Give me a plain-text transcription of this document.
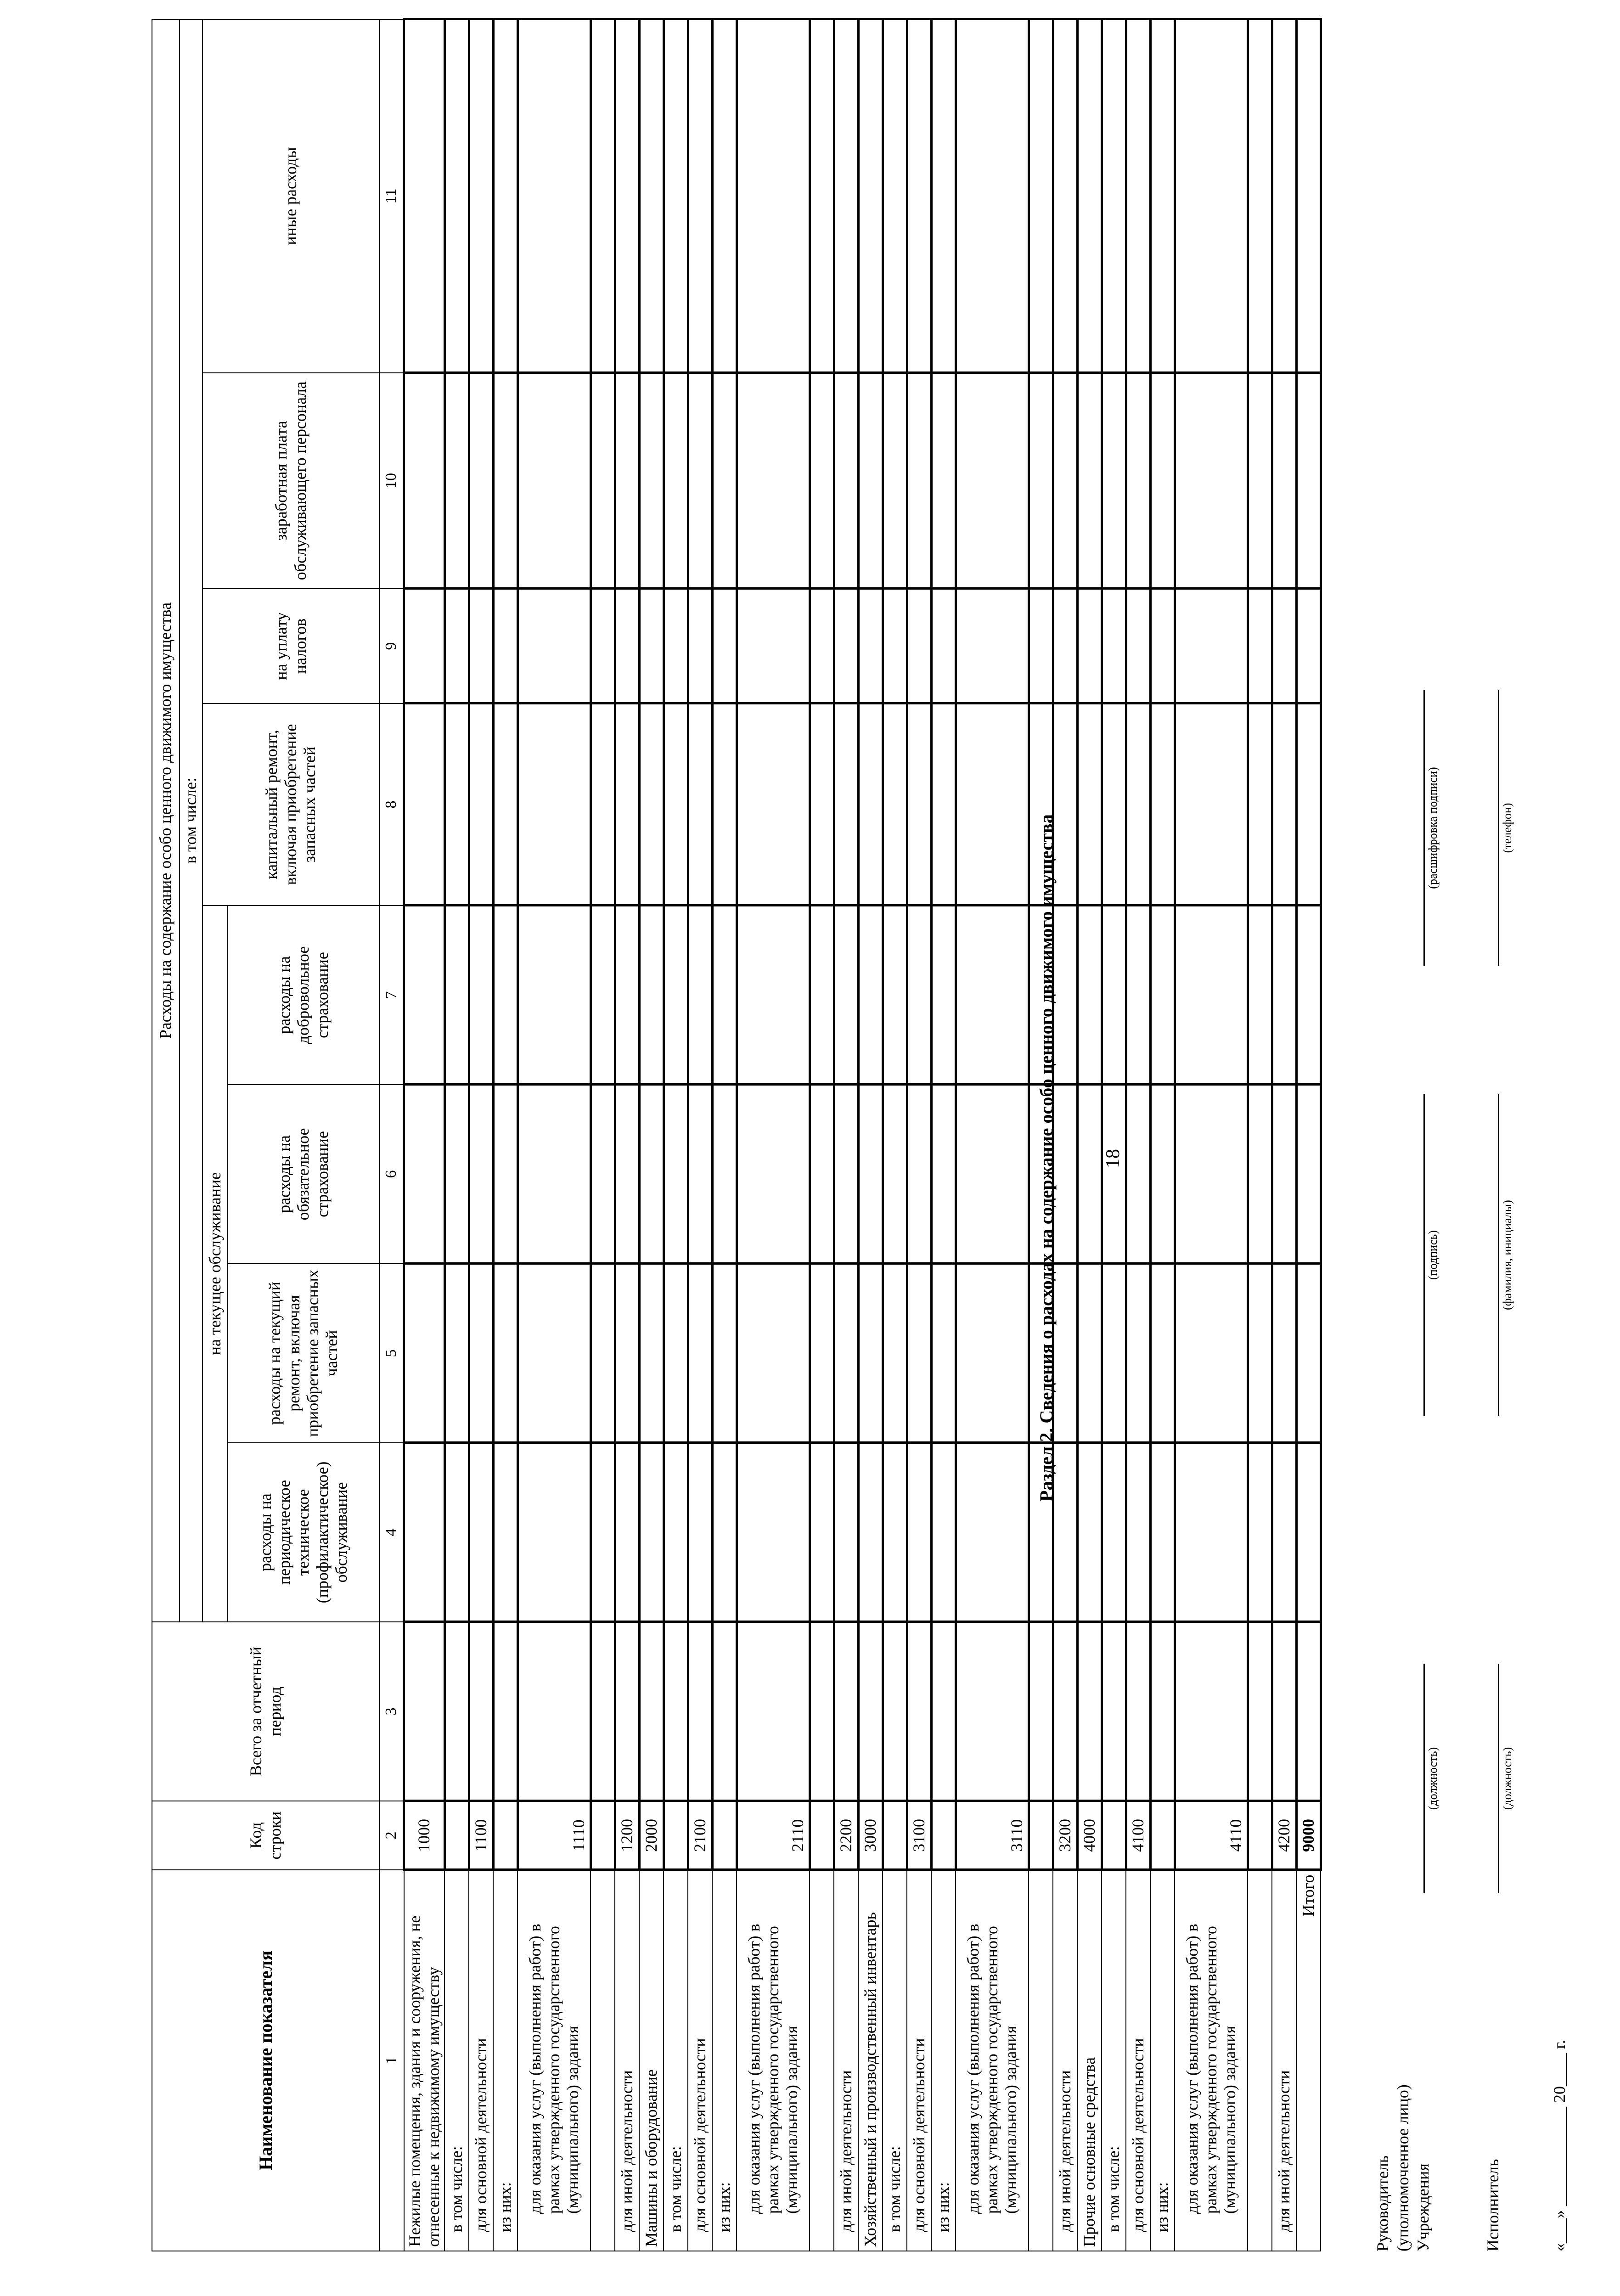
18
Раздел 2. Сведения о расходах на содержание особо ценного движимого имущества
Наименование показателя	Код строки	Всего за отчетный период	Расходы на содержание особо ценного движимого имущества							
			в том числе:							
			на текущее обслуживание				капитальный ремонт, включая приобретение запасных частей	на уплату налогов	заработная плата обслуживающего персонала	иные расходы
			расходы на периодическое техническое (профилактическое) обслуживание	расходы на текущий ремонт, включая приобретение запасных частей	расходы на обязательное страхование	расходы на добровольное страхование				
1	2	3	4	5	6	7	8	9	10	11
Нежилые помещения, здания и сооружения, не отнесенные к недвижимому имуществу	1000									
в том числе:										
для основной деятельности	1100									
из них:										
для оказания услуг (выполнения работ) в рамках утвержденного государственного (муниципального) задания	1110									

для иной деятельности	1200									
Машины и оборудование	2000									
в том числе:										
для основной деятельности	2100									
из них:										
для оказания услуг (выполнения работ) в рамках утвержденного государственного (муниципального) задания	2110									

для иной деятельности	2200									
Хозяйственный и производственный инвентарь	3000									
в том числе:										
для основной деятельности	3100									
из них:										
для оказания услуг (выполнения работ) в рамках утвержденного государственного (муниципального) задания	3110									

для иной деятельности	3200									
Прочие основные средства	4000									
в том числе:										
для основной деятельности	4100									
из них:										
для оказания услуг (выполнения работ) в рамках утвержденного государственного (муниципального) задания	4110									

для иной деятельности	4200									
Итого	9000									
Руководитель (уполномоченное лицо) Учреждения
(должность)
(подпись)
(расшифровка подписи)
Исполнитель
(должность)
(фамилия, инициалы)
(телефон)
«___» ____________ 20____ г.
